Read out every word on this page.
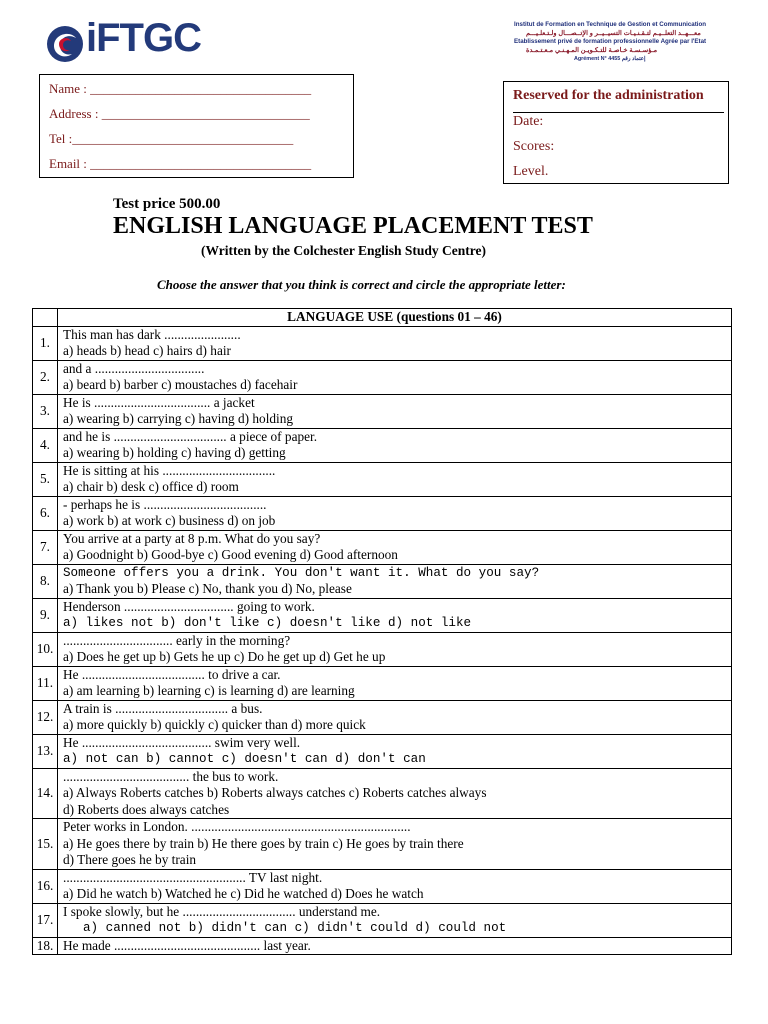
iFTGC	Institut de Formation en Technique de Gestion et Communication
معـــهــد التعلــيـم لتـقـنـيـات التسيــيــر و الإتــصـــال ولـتـعلـيـــم
Etablissement privé de formation professionnelle Agrée par l'Etat
مـؤسـسـة خـاصـة للتـكـويـن المـهـنـي مـعـتـمـدة
Agrément N° 4455 إعتماد رقم
Name : __________________________________
Address : ________________________________
Tel :__________________________________
Email : __________________________________
Reserved for the administration
Date:
Scores:
Level.
Test price 500.00
ENGLISH LANGUAGE PLACEMENT TEST
(Written by the Colchester English Study Centre)
Choose the answer that you think is correct and circle the appropriate letter:
	LANGUAGE USE (questions 01 – 46)
1.	This man has dark .......................
a) heads b) head c) hairs d) hair

2.	and a .................................
a) beard b) barber c) moustaches d) facehair

3.	He is ................................... a jacket
a) wearing b) carrying c) having d) holding

4.	and he is .................................. a piece of paper.
a) wearing b) holding c) having d) getting

5.	He is sitting at his ..................................
a) chair b) desk c) office d) room

6.	- perhaps he is .....................................
a) work b) at work c) business d) on job

7.	You arrive at a party at 8 p.m. What do you say?
a) Goodnight b) Good-bye c) Good evening d) Good afternoon

8.	Someone offers you a drink. You don't want it. What do you say?
a) Thank you b) Please c) No, thank you d) No, please

9.	Henderson ................................. going to work.
a) likes not b) don't like c) doesn't like d) not like

10.	................................. early in the morning?
a) Does he get up b) Gets he up c) Do he get up d) Get he up

11.	He ..................................... to drive a car.
a) am learning b) learning c) is learning d) are learning

12.	A train is .................................. a bus.
a) more quickly b) quickly c) quicker than d) more quick

13.	He ....................................... swim very well.
a) not can b) cannot c) doesn't can d) don't can

14.	...................................... the bus to work.
a) Always Roberts catches b) Roberts always catches c) Roberts catches always
d) Roberts does always catches

15.	Peter works in London. ..................................................................
a) He goes there by train b) He there goes by train c) He goes by train there
d) There goes he by train

16.	....................................................... TV last night.
a) Did he watch b) Watched he c) Did he watched d) Does he watch

17.	I spoke slowly, but he .................................. understand me.
a) canned not b) didn't can c) didn't could d) could not

18.	He made ............................................ last year.
